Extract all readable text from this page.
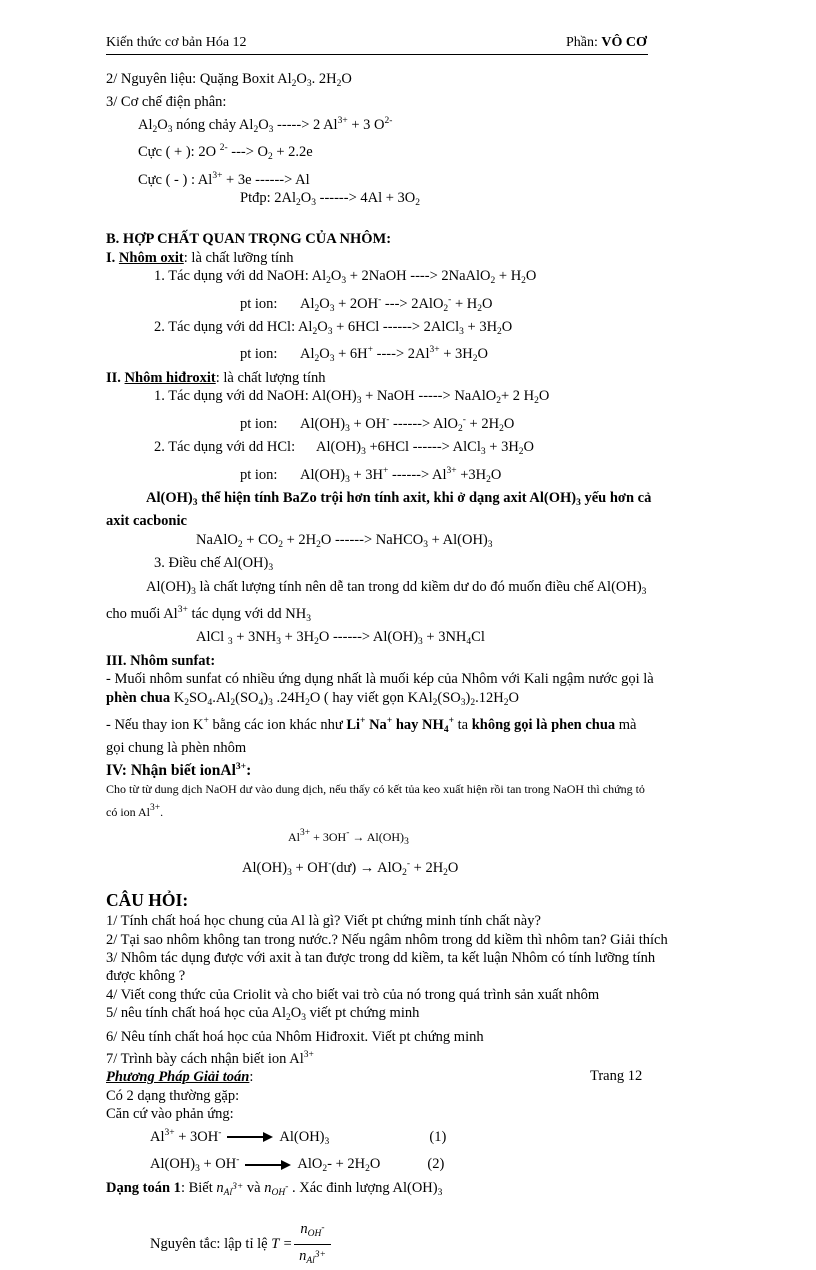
Kiến thức cơ bản Hóa 12	Phần: VÔ CƠ
2/ Nguyên liệu: Quặng Boxit $Al_2O_3$. $2H_2O$
3/ Cơ chế điện phân:
$Al_2O_3$ nóng chảy $Al_2O_3$ -----> 2 $Al^{3+} + 3$ $O^{2-}$
Cực ( + ): 2O $^{2-}$ ---> $O_2 + 2.2e$
Cực ( - ) : $Al^{3+} + 3e$ ------> Al
Ptđp: $2Al_2O_3$ ------> $4Al + 3O_2$
B. HỢP CHẤT QUAN TRỌNG CỦA NHÔM:
I. Nhôm oxit: là chất lưỡng tính
1. Tác dụng với dd NaOH: $Al_2O_3$ + 2NaOH ----> 2NaAlO$_2$ + $H_2O$
pt ion: $Al_2O_3 + 2OH^-$ ---> $2AlO_2^- + H_2O$
2. Tác dụng với dd HCl: $Al_2O_3 + 6HCl$ ------> 2AlCl$_3$ + $3H_2O$
pt ion: $Al_2O_3 + 6H^+$ ----> $2Al^{3+} + 3H_2O$
II. Nhôm hiđroxit: là chất lượng tính
1. Tác dụng với dd NaOH: $Al(OH)_3$ + NaOH -----> NaAlO$_2$+ 2 $H_2O$
pt ion: $Al(OH)_3 + OH^-$ ------> $AlO_2^- + 2H_2O$
2. Tác dụng với dd HCl: $Al(OH)_3 +6HCl$ ------> AlCl$_3$ + $3H_2O$
pt ion: $Al(OH)_3 + 3H^+$ ------> $Al^{3+} +3H_2O$
$Al(OH)_3$ thể hiện tính BaZo trội hơn tính axit, khi ở dạng axit $Al(OH)_3$ yếu hơn cả axit cacbonic
NaAlO$_2$ + $CO_2 + 2H_2O$ ------> NaHCO$_3$ + $Al(OH)_3$
3. Điều chế $Al(OH)_3$
$Al(OH)_3$ là chất lượng tính nên dễ tan trong dd kiềm dư do đó muốn điều chế $Al(OH)_3$ cho muối $Al^{3+}$ tác dụng với dd $NH_3$
AlCl $_3 + 3NH_3 + 3H_2O$ ------> $Al(OH)_3 + 3NH_4Cl$
III. Nhôm sunfat:
- Muối nhôm sunfat có nhiều ứng dụng nhất là muối kép của Nhôm với Kali ngậm nước gọi là phèn chua $K_2SO_4.Al_2(SO_4)_3$ $.24H_2O$ ( hay viết gọn $KAl_2(SO_3)_2.12H_2O$
- Nếu thay ion K+ bằng các ion khác như Li+ Na+ hay $NH_4^+$ ta không gọi là phen chua mà gọi chung là phèn nhôm
IV: Nhận biết ionAl$^{3+}$:
Cho từ từ dung dịch NaOH dư vào dung dịch, nếu thấy có kết tủa keo xuất hiện rồi tan trong NaOH thì chứng tỏ có ion $Al^{3+}$.
$Al^{3+} + 3OH^- \to Al(OH)_3$
$Al(OH)_3$ + OH-(dư) → $AlO_2^- + 2H_2O$
CÂU HỎI:
1/ Tính chất hoá học chung của Al là gì? Viết pt chứng minh tính chất này?
2/ Tại sao nhôm không tan trong nước.? Nếu ngâm nhôm trong dd kiềm thì nhôm tan? Giải thích
3/ Nhôm tác dụng được với axit à tan được trong dd kiềm, ta kết luận Nhôm có tính lưỡng tính được không ?
4/ Viết cong thức của Criolit và cho biết vai trò của nó trong quá trình sản xuất nhôm
5/ nêu tính chất hoá học của $Al_2O_3$ viết pt chứng minh
6/ Nêu tính chất hoá học của Nhôm Hiđroxit. Viết pt chứng minh
7/ Trình bày cách nhận biết ion $Al^{3+}$
Phương Pháp Giải toán:
Có 2 dạng thường gặp:
Căn cứ vào phản ứng:
$Al^{3+} + 3OH^-$	$Al(OH)_3$	(1)
$Al(OH)_3 + OH^-$	$AlO_2- + 2H_2O$	(2)
Dạng toán 1: Biết $n_{Al^{3+}}$ và $n_{OH^-}$ . Xác đinh lượng $Al(OH)_3$
Nguyên tắc: lập tỉ lệ $T = \frac{n_{OH^-}}{n_{Al^{3+}}}$
Trang 12
